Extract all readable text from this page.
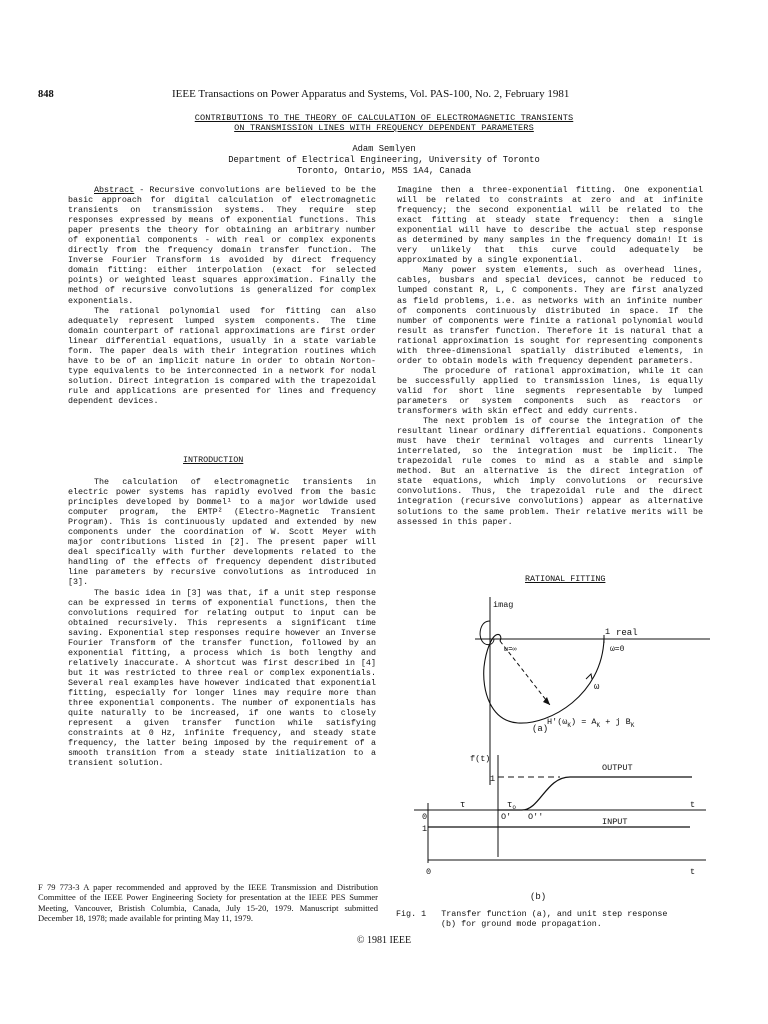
848	IEEE Transactions on Power Apparatus and Systems, Vol. PAS-100, No. 2, February 1981
CONTRIBUTIONS TO THE THEORY OF CALCULATION OF ELECTROMAGNETIC TRANSIENTS
ON TRANSMISSION LINES WITH FREQUENCY DEPENDENT PARAMETERS
Adam Semlyen
Department of Electrical Engineering, University of Toronto
Toronto, Ontario, M5S 1A4, Canada

Abstract - Recursive convolutions are believed to be the basic approach for digital calculation of electromagnetic transients on transmission systems. They require step responses expressed by means of exponential functions. This paper presents the theory for obtaining an arbitrary number of exponential components - with real or complex exponents directly from the frequency domain transfer function. The Inverse Fourier Transform is avoided by direct frequency domain fitting: either interpolation (exact for selected points) or weighted least squares approximation. Finally the method of recursive convolutions is generalized for complex exponentials.

The rational polynomial used for fitting can also adequately represent lumped system components. The time domain counterpart of rational approximations are first order linear differential equations, usually in a state variable form. The paper deals with their integration routines which have to be of an implicit nature in order to obtain Norton-type equivalents to be interconnected in a network for nodal solution. Direct integration is compared with the trapezoidal rule and applications are presented for lines and frequency dependent devices.

INTRODUCTION

The calculation of electromagnetic transients in electric power systems has rapidly evolved from the basic principles developed by Dommel¹ to a major worldwide used computer program, the EMTP² (Electro-Magnetic Transient Program). This is continuously updated and extended by new components under the coordination of W. Scott Meyer with major contributions listed in [2]. The present paper will deal specifically with further developments related to the handling of the effects of frequency dependent distributed line parameters by recursive convolutions as introduced in [3].

The basic idea in [3] was that, if a unit step response can be expressed in terms of exponential functions, then the convolutions required for relating output to input can be obtained recursively. This represents a significant time saving. Exponential step responses require however an Inverse Fourier Transform of the transfer function, followed by an exponential fitting, a process which is both lengthy and relatively inaccurate. A shortcut was first described in [4] but it was restricted to three real or complex exponentials. Several real examples have however indicated that exponential fitting, especially for longer lines may require more than three exponential components. The number of exponentials has quite naturally to be increased, if one wants to closely represent a given transfer function while satisfying constraints at 0 Hz, infinite frequency, and steady state frequency, the latter being imposed by the requirement of a smooth transition from a steady state initialization to a transient solution.

Imagine then a three-exponential fitting. One exponential will be related to constraints at zero and at infinite frequency; the second exponential will be related to the exact fitting at steady state frequency: then a single exponential will have to describe the actual step response as determined by many samples in the frequency domain! It is very unlikely that this curve could adequately be approximated by a single exponential.

Many power system elements, such as overhead lines, cables, busbars and special devices, cannot be reduced to lumped constant R, L, C components. They are first analyzed as field problems, i.e. as networks with an infinite number of components continuously distributed in space. If the number of components were finite a rational polynomial would result as transfer function. Therefore it is natural that a rational approximation is sought for representing components with three-dimensional spatially distributed elements, in order to obtain models with frequency dependent parameters.

The procedure of rational approximation, while it can be successfully applied to transmission lines, is equally valid for short line segments representable by lumped parameters or system components such as reactors or transformers with skin effect and eddy currents.

The next problem is of course the integration of the resultant linear ordinary differential equations. Components must have their terminal voltages and currents linearly interrelated, so the integration must be implicit. The trapezoidal rule comes to mind as a stable and simple method. But an alternative is the direct integration of state equations, which imply convolutions or recursive convolutions. Thus, the trapezoidal rule and the direct integration (recursive convolutions) appear as alternative solutions to the same problem. Their relative merits will be assessed in this paper.

RATIONAL FITTING
imag
real
1
ω=∞	ω=0
ω
$H'(\omega_K) = A_K + j$ $B_K$
(a)
f(t)
1
OUTPUT
τ	$\tau_o$	t
0	O' O''	INPUT
1
0	t
(b)
Fig. 1 Transfer function (a), and unit step response
(b) for ground mode propagation.
F 79 773-3 A paper recommended and approved by the IEEE Transmission and Distribution Committee of the IEEE Power Engineering Society for presentation at the IEEE PES Summer Meeting, Vancouver, Bristish Columbia, Canada, July 15-20, 1979. Manuscript submitted December 18, 1978; made available for printing May 11, 1979.
© 1981 IEEE
